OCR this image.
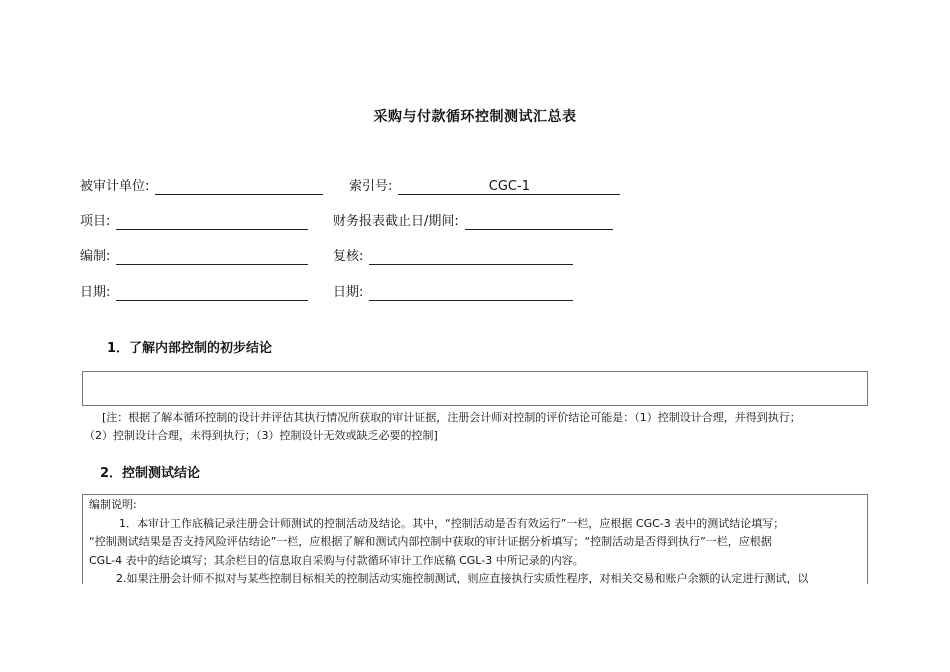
采购与付款循环控制测试汇总表
被审计单位:	索引号:	CGC-1
项目:	财务报表截止日/期间:
编制:	复核:
日期:	日期:
1．了解内部控制的初步结论

[注：根据了解本循环控制的设计并评估其执行情况所获取的审计证据，注册会计师对控制的评价结论可能是：（1）控制设计合理，并得到执行；

（2）控制设计合理，未得到执行；（3）控制设计无效或缺乏必要的控制]

2．控制测试结论

编制说明:

1．本审计工作底稿记录注册会计师测试的控制活动及结论。其中，“控制活动是否有效运行”一栏，应根据 CGC-3 表中的测试结论填写；

“控制测试结果是否支持风险评估结论”一栏，应根据了解和测试内部控制中获取的审计证据分析填写；“控制活动是否得到执行”一栏，应根据

CGL-4 表中的结论填写；其余栏目的信息取自采购与付款循环审计工作底稿 CGL-3 中所记录的内容。

2.如果注册会计师不拟对与某些控制目标相关的控制活动实施控制测试，则应直接执行实质性程序，对相关交易和账户余额的认定进行测试，以
